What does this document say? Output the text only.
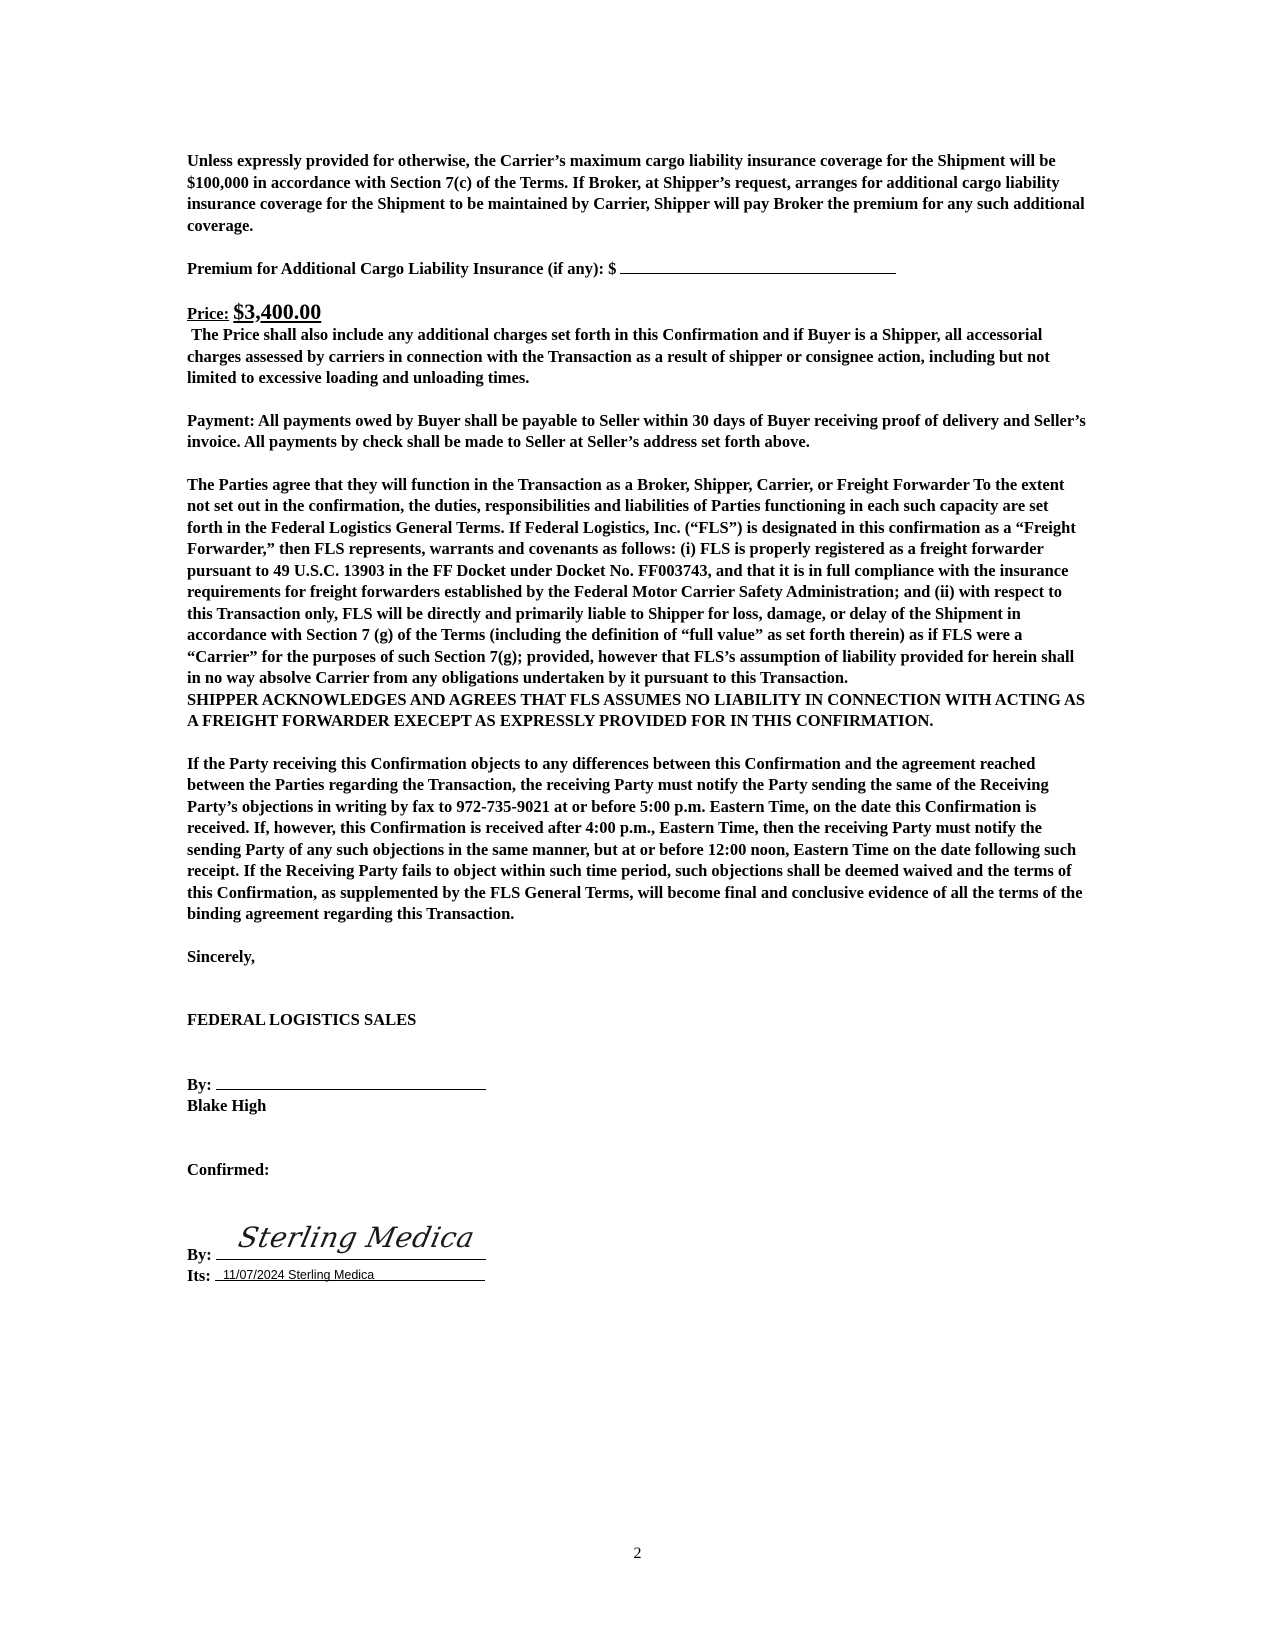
Unless expressly provided for otherwise, the Carrier’s maximum cargo liability insurance coverage for the Shipment will be $100,000 in accordance with Section 7(c) of the Terms. If Broker, at Shipper’s request, arranges for additional cargo liability insurance coverage for the Shipment to be maintained by Carrier, Shipper will pay Broker the premium for any such additional coverage.

Premium for Additional Cargo Liability Insurance (if any): $

Price: $3,400.00

The Price shall also include any additional charges set forth in this Confirmation and if Buyer is a Shipper, all accessorial charges assessed by carriers in connection with the Transaction as a result of shipper or consignee action, including but not limited to excessive loading and unloading times.

Payment: All payments owed by Buyer shall be payable to Seller within 30 days of Buyer receiving proof of delivery and Seller’s invoice. All payments by check shall be made to Seller at Seller’s address set forth above.

The Parties agree that they will function in the Transaction as a Broker, Shipper, Carrier, or Freight Forwarder To the extent not set out in the confirmation, the duties, responsibilities and liabilities of Parties functioning in each such capacity are set forth in the Federal Logistics General Terms. If Federal Logistics, Inc. (“FLS”) is designated in this confirmation as a “Freight Forwarder,” then FLS represents, warrants and covenants as follows: (i) FLS is properly registered as a freight forwarder pursuant to 49 U.S.C. 13903 in the FF Docket under Docket No. FF003743, and that it is in full compliance with the insurance requirements for freight forwarders established by the Federal Motor Carrier Safety Administration; and (ii) with respect to this Transaction only, FLS will be directly and primarily liable to Shipper for loss, damage, or delay of the Shipment in accordance with Section 7 (g) of the Terms (including the definition of “full value” as set forth therein) as if FLS were a “Carrier” for the purposes of such Section 7(g); provided, however that FLS’s assumption of liability provided for herein shall in no way absolve Carrier from any obligations undertaken by it pursuant to this Transaction.

SHIPPER ACKNOWLEDGES AND AGREES THAT FLS ASSUMES NO LIABILITY IN CONNECTION WITH ACTING AS A FREIGHT FORWARDER EXECEPT AS EXPRESSLY PROVIDED FOR IN THIS CONFIRMATION.

If the Party receiving this Confirmation objects to any differences between this Confirmation and the agreement reached between the Parties regarding the Transaction, the receiving Party must notify the Party sending the same of the Receiving Party’s objections in writing by fax to 972-735-9021 at or before 5:00 p.m. Eastern Time, on the date this Confirmation is received. If, however, this Confirmation is received after 4:00 p.m., Eastern Time, then the receiving Party must notify the sending Party of any such objections in the same manner, but at or before 12:00 noon, Eastern Time on the date following such receipt. If the Receiving Party fails to object within such time period, such objections shall be deemed waived and the terms of this Confirmation, as supplemented by the FLS General Terms, will become final and conclusive evidence of all the terms of the binding agreement regarding this Transaction.

Sincerely,

FEDERAL LOGISTICS SALES

By:

Blake High

Confirmed:

By:
Sterling Medica
Its: 11/07/2024 Sterling Medica
2
